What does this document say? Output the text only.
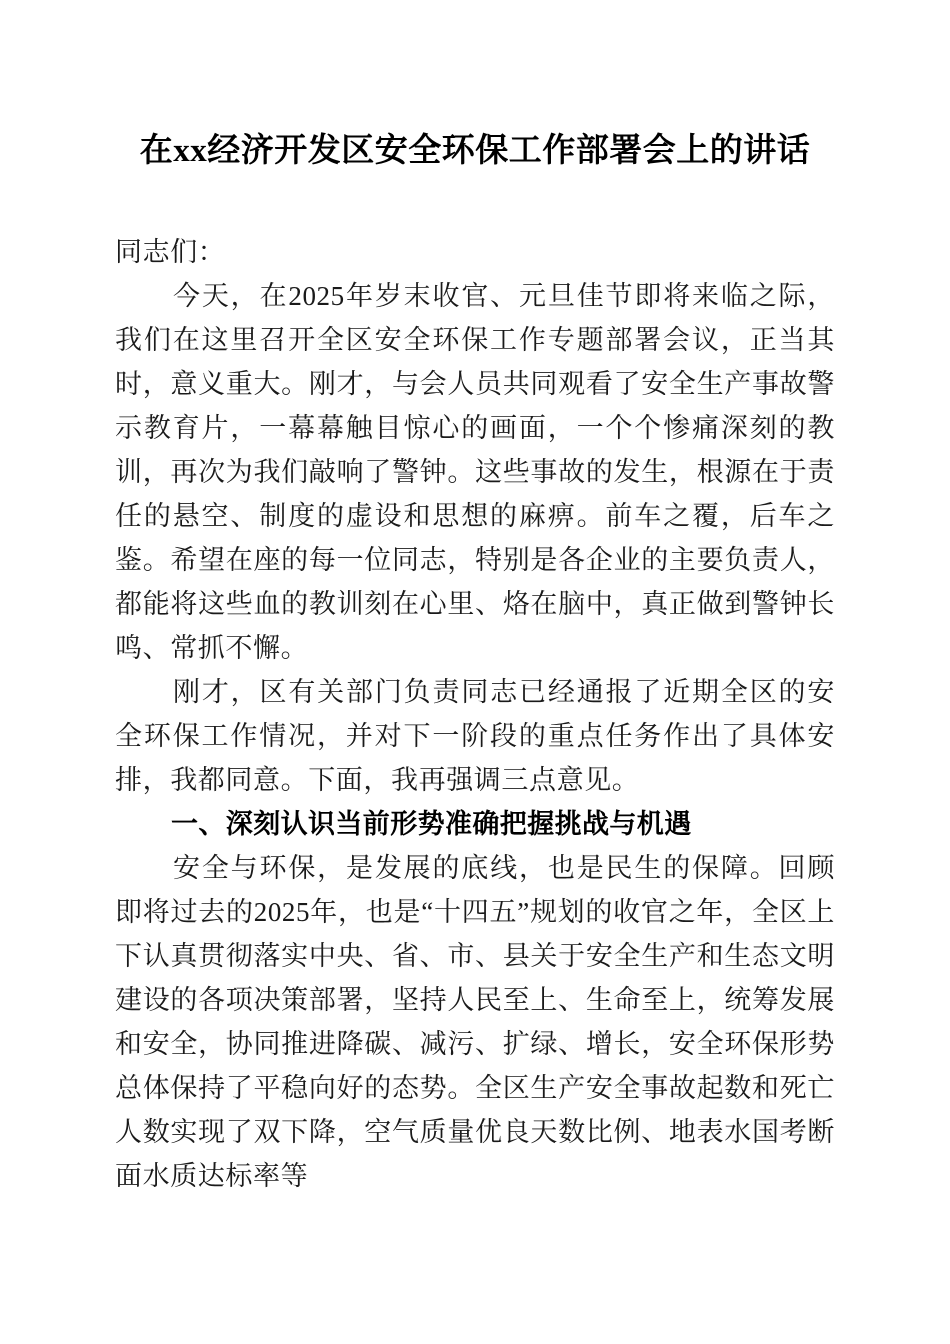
在xx经济开发区安全环保工作部署会上的讲话

同志们：

今天，在2025年岁末收官、元旦佳节即将来临之际，我们在这里召开全区安全环保工作专题部署会议，正当其时，意义重大。刚才，与会人员共同观看了安全生产事故警示教育片，一幕幕触目惊心的画面，一个个惨痛深刻的教训，再次为我们敲响了警钟。这些事故的发生，根源在于责任的悬空、制度的虚设和思想的麻痹。前车之覆，后车之鉴。希望在座的每一位同志，特别是各企业的主要负责人，都能将这些血的教训刻在心里、烙在脑中，真正做到警钟长鸣、常抓不懈。

刚才，区有关部门负责同志已经通报了近期全区的安全环保工作情况，并对下一阶段的重点任务作出了具体安排，我都同意。下面，我再强调三点意见。

一、深刻认识当前形势准确把握挑战与机遇

安全与环保，是发展的底线，也是民生的保障。回顾即将过去的2025年，也是“十四五”规划的收官之年，全区上下认真贯彻落实中央、省、市、县关于安全生产和生态文明建设的各项决策部署，坚持人民至上、生命至上，统筹发展和安全，协同推进降碳、减污、扩绿、增长，安全环保形势总体保持了平稳向好的态势。全区生产安全事故起数和死亡人数实现了双下降，空气质量优良天数比例、地表水国考断面水质达标率等
